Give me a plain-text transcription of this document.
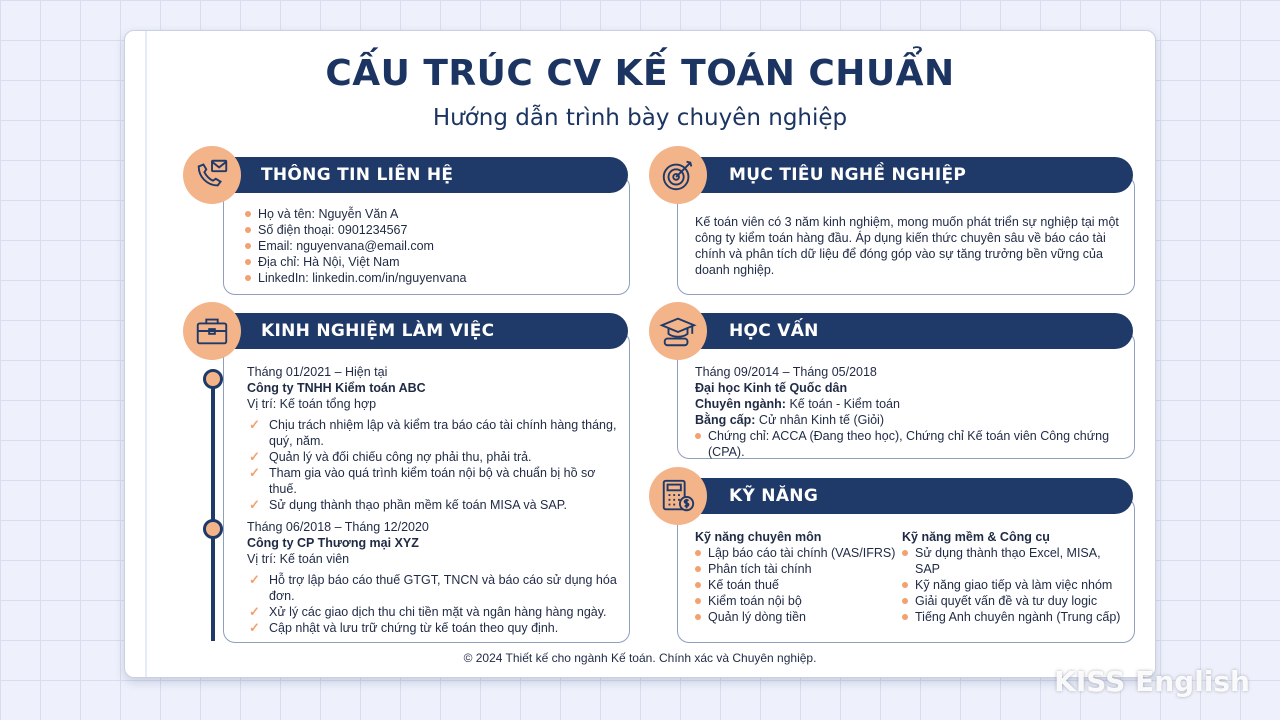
CẤU TRÚC CV KẾ TOÁN CHUẨN
Hướng dẫn trình bày chuyên nghiệp
THÔNG TIN LIÊN HỆ
Họ và tên: Nguyễn Văn A
Số điện thoại: 0901234567
Email: nguyenvana@email.com
Địa chỉ: Hà Nội, Việt Nam
LinkedIn: linkedin.com/in/nguyenvana
MỤC TIÊU NGHỀ NGHIỆP
Kế toán viên có 3 năm kinh nghiệm, mong muốn phát triển sự nghiệp tại một công ty kiểm toán hàng đầu. Áp dụng kiến thức chuyên sâu về báo cáo tài chính và phân tích dữ liệu để đóng góp vào sự tăng trưởng bền vững của doanh nghiệp.
KINH NGHIỆM LÀM VIỆC
Tháng 01/2021 – Hiện tại
Công ty TNHH Kiểm toán ABC
Vị trí: Kế toán tổng hợp
✓ Chịu trách nhiệm lập và kiểm tra báo cáo tài chính hàng tháng, quý, năm.
✓ Quản lý và đối chiếu công nợ phải thu, phải trả.
✓ Tham gia vào quá trình kiểm toán nội bộ và chuẩn bị hồ sơ thuế.
✓ Sử dụng thành thạo phần mềm kế toán MISA và SAP.
Tháng 06/2018 – Tháng 12/2020
Công ty CP Thương mại XYZ
Vị trí: Kế toán viên
✓ Hỗ trợ lập báo cáo thuế GTGT, TNCN và báo cáo sử dụng hóa đơn.
✓ Xử lý các giao dịch thu chi tiền mặt và ngân hàng hàng ngày.
✓ Cập nhật và lưu trữ chứng từ kế toán theo quy định.
HỌC VẤN
Tháng 09/2014 – Tháng 05/2018
Đại học Kinh tế Quốc dân
Chuyên ngành: Kế toán - Kiểm toán
Bằng cấp: Cử nhân Kinh tế (Giỏi)
Chứng chỉ: ACCA (Đang theo học), Chứng chỉ Kế toán viên Công chứng (CPA).
KỸ NĂNG
Kỹ năng chuyên môn
Lập báo cáo tài chính (VAS/IFRS)
Phân tích tài chính
Kế toán thuế
Kiểm toán nội bộ
Quản lý dòng tiền
Kỹ năng mềm & Công cụ
Sử dụng thành thạo Excel, MISA, SAP
Kỹ năng giao tiếp và làm việc nhóm
Giải quyết vấn đề và tư duy logic
Tiếng Anh chuyên ngành (Trung cấp)
© 2024 Thiết kế cho ngành Kế toán. Chính xác và Chuyên nghiệp.
KISS English
